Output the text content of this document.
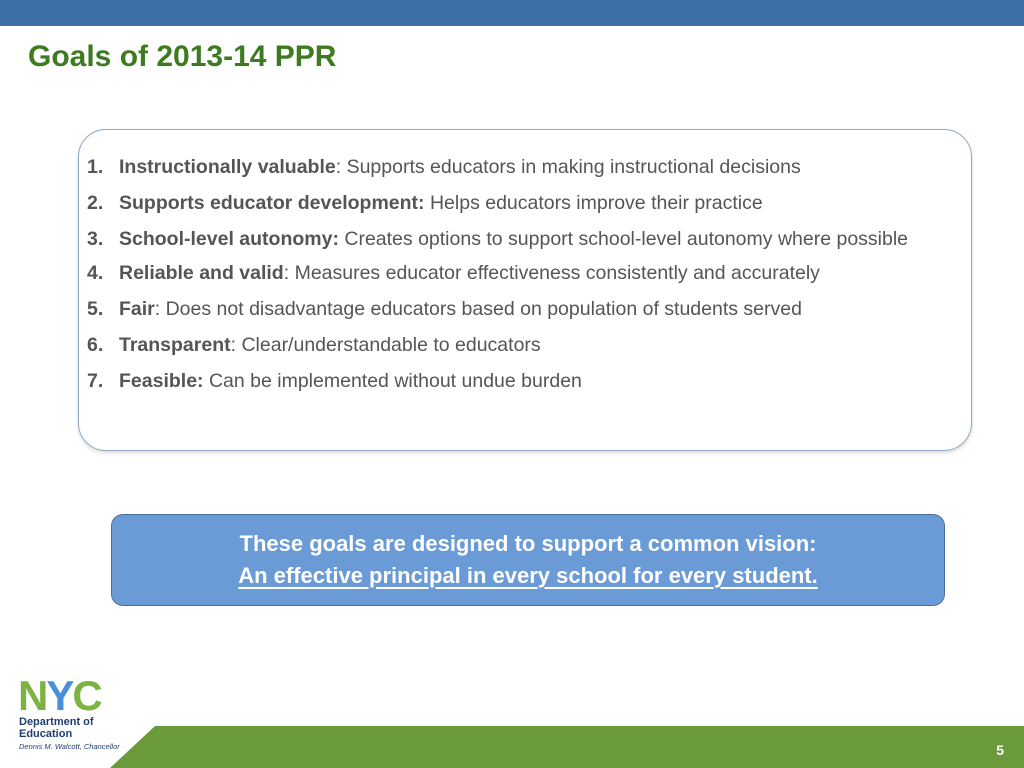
Goals of 2013-14 PPR
1. Instructionally valuable: Supports educators in making instructional decisions
2. Supports educator development: Helps educators improve their practice
3. School-level autonomy: Creates options to support school-level autonomy where possible
4. Reliable and valid: Measures educator effectiveness consistently and accurately
5. Fair: Does not disadvantage educators based on population of students served
6. Transparent: Clear/understandable to educators
7. Feasible: Can be implemented without undue burden
These goals are designed to support a common vision:
An effective principal in every school for every student.
5
NYC
Department of Education
Dennis M. Walcott, Chancellor
